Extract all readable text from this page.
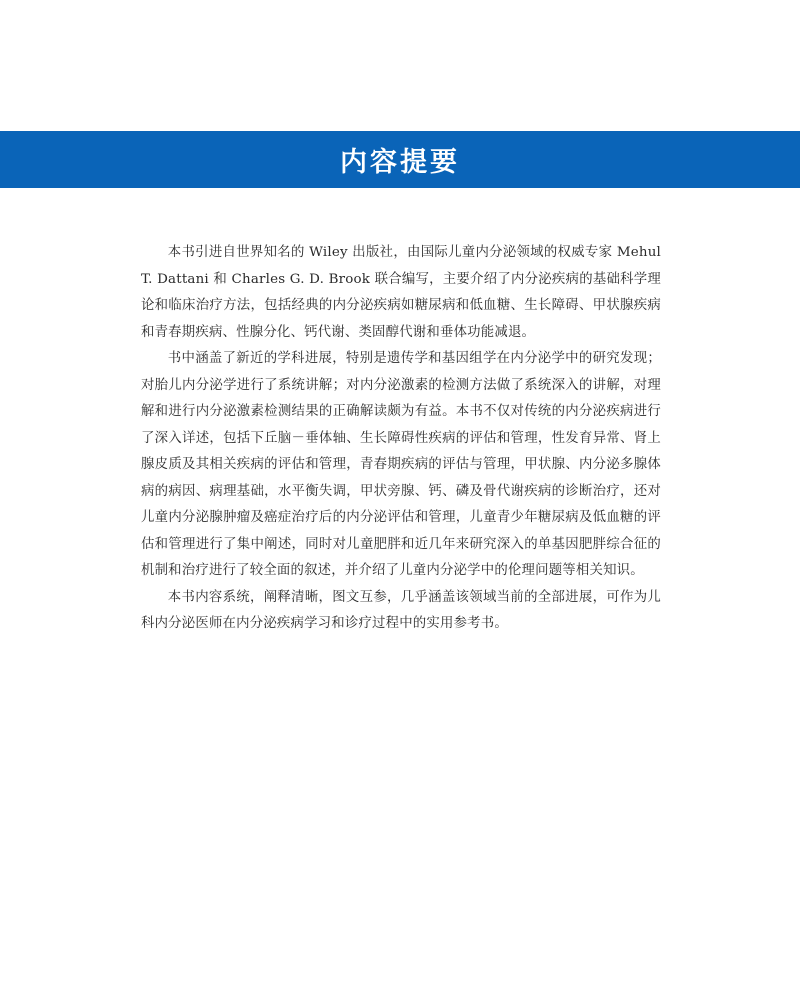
内容提要

本书引进自世界知名的 Wiley 出版社，由国际儿童内分泌领域的权威专家 Mehul T. Dattani 和 Charles G. D. Brook 联合编写，主要介绍了内分泌疾病的基础科学理论和临床治疗方法，包括经典的内分泌疾病如糖尿病和低血糖、生长障碍、甲状腺疾病和青春期疾病、性腺分化、钙代谢、类固醇代谢和垂体功能减退。

书中涵盖了新近的学科进展，特别是遗传学和基因组学在内分泌学中的研究发现；对胎儿内分泌学进行了系统讲解；对内分泌激素的检测方法做了系统深入的讲解，对理解和进行内分泌激素检测结果的正确解读颇为有益。本书不仅对传统的内分泌疾病进行了深入详述，包括下丘脑－垂体轴、生长障碍性疾病的评估和管理，性发育异常、肾上腺皮质及其相关疾病的评估和管理，青春期疾病的评估与管理，甲状腺、内分泌多腺体病的病因、病理基础，水平衡失调，甲状旁腺、钙、磷及骨代谢疾病的诊断治疗，还对儿童内分泌腺肿瘤及癌症治疗后的内分泌评估和管理，儿童青少年糖尿病及低血糖的评估和管理进行了集中阐述，同时对儿童肥胖和近几年来研究深入的单基因肥胖综合征的机制和治疗进行了较全面的叙述，并介绍了儿童内分泌学中的伦理问题等相关知识。

本书内容系统，阐释清晰，图文互参，几乎涵盖该领域当前的全部进展，可作为儿科内分泌医师在内分泌疾病学习和诊疗过程中的实用参考书。
